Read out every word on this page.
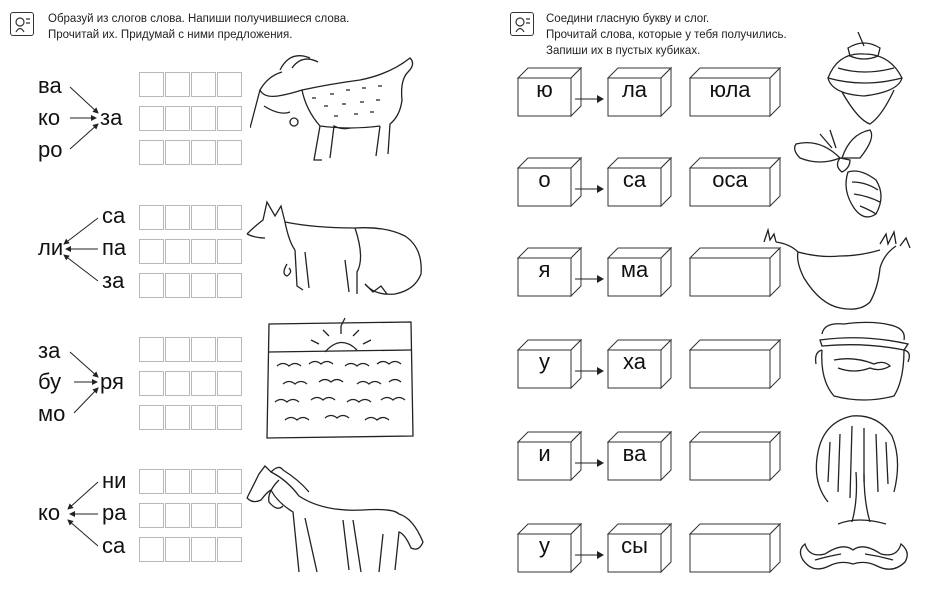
Образуй из слогов слова. Напиши получившиеся слова.
Прочитай их. Придумай с ними предложения.
ва
ко
ро
за
са
па
за
ли
за
бу
мо
ря
ни
ра
са
ко
Соедини гласную букву и слог.
Прочитай слова, которые у тебя получились.
Запиши их в пустых кубиках.
ю	ла	юла
о	са	оса
я	ма
у	ха
и	ва
у	сы
